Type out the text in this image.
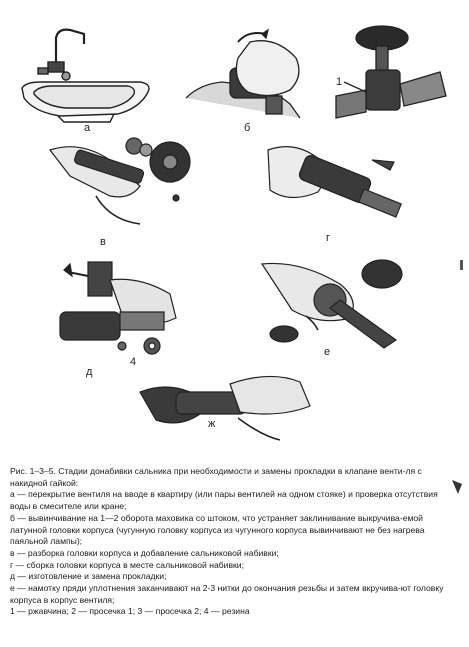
а	б
1
в	г
д
4
е
ж

Рис. 1–3–5. Стадии донабивки сальника при необходимости и замены прокладки в клапане венти-ля с накидной гайкой:

а — перекрытие вентиля на вводе в квартиру (или пары вентилей на одном стояке) и проверка отсутствия воды в смесителе или кране;

б — вывинчивание на 1—2 оборота маховика со штоком, что устраняет заклинивание выкручива-емой латунной головки корпуса (чугунную головку корпуса из чугунного корпуса вывинчивают не без нагрева паяльной лампы);

в — разборка головки корпуса и добавление сальниковой набивки;

г — сборка головки корпуса в месте сальниковой набивки;

д — изготовление и замена прокладки;

е — намотку пряди уплотнения заканчивают на 2-3 нитки до окончания резьбы и затем вкручива-ют головку корпуса в корпус вентиля;

1 — ржавчина; 2 — просечка 1; 3 — просечка 2; 4 — резина
